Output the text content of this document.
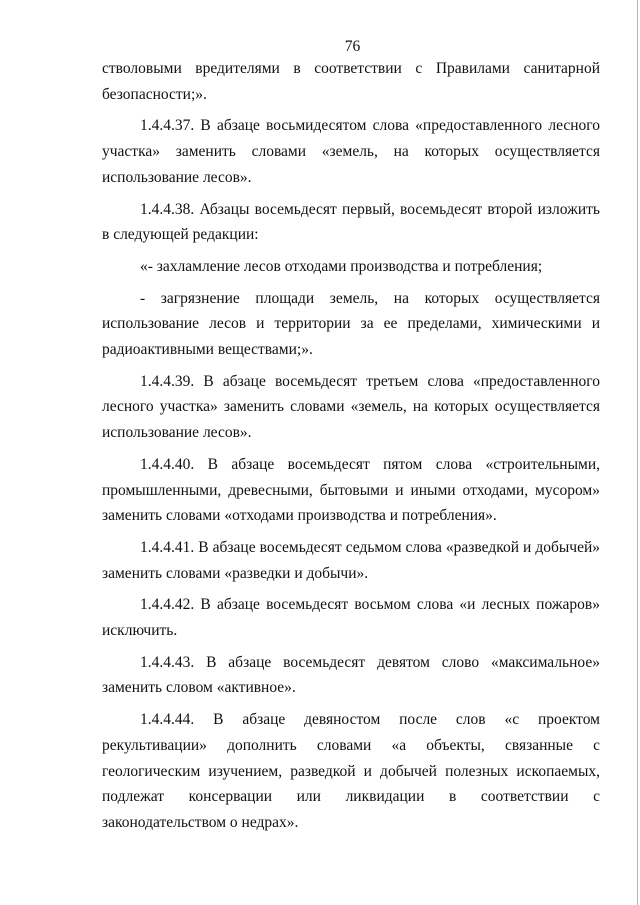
76

стволовыми вредителями в соответствии с Правилами санитарной безопасности;».

1.4.4.37. В абзаце восьмидесятом слова «предоставленного лесного участка» заменить словами «земель, на которых осуществляется использование лесов».

1.4.4.38. Абзацы восемьдесят первый, восемьдесят второй изложить в следующей редакции:

«- захламление лесов отходами производства и потребления;

- загрязнение площади земель, на которых осуществляется использование лесов и территории за ее пределами, химическими и радиоактивными веществами;».

1.4.4.39. В абзаце восемьдесят третьем слова «предоставленного лесного участка» заменить словами «земель, на которых осуществляется использование лесов».

1.4.4.40. В абзаце восемьдесят пятом слова «строительными, промышленными, древесными, бытовыми и иными отходами, мусором» заменить словами «отходами производства и потребления».

1.4.4.41. В абзаце восемьдесят седьмом слова «разведкой и добычей» заменить словами «разведки и добычи».

1.4.4.42. В абзаце восемьдесят восьмом слова «и лесных пожаров» исключить.

1.4.4.43. В абзаце восемьдесят девятом слово «максимальное» заменить словом «активное».

1.4.4.44. В абзаце девяностом после слов «с проектом рекультивации» дополнить словами «а объекты, связанные с геологическим изучением, разведкой и добычей полезных ископаемых, подлежат консервации или ликвидации в соответствии с законодательством о недрах».
